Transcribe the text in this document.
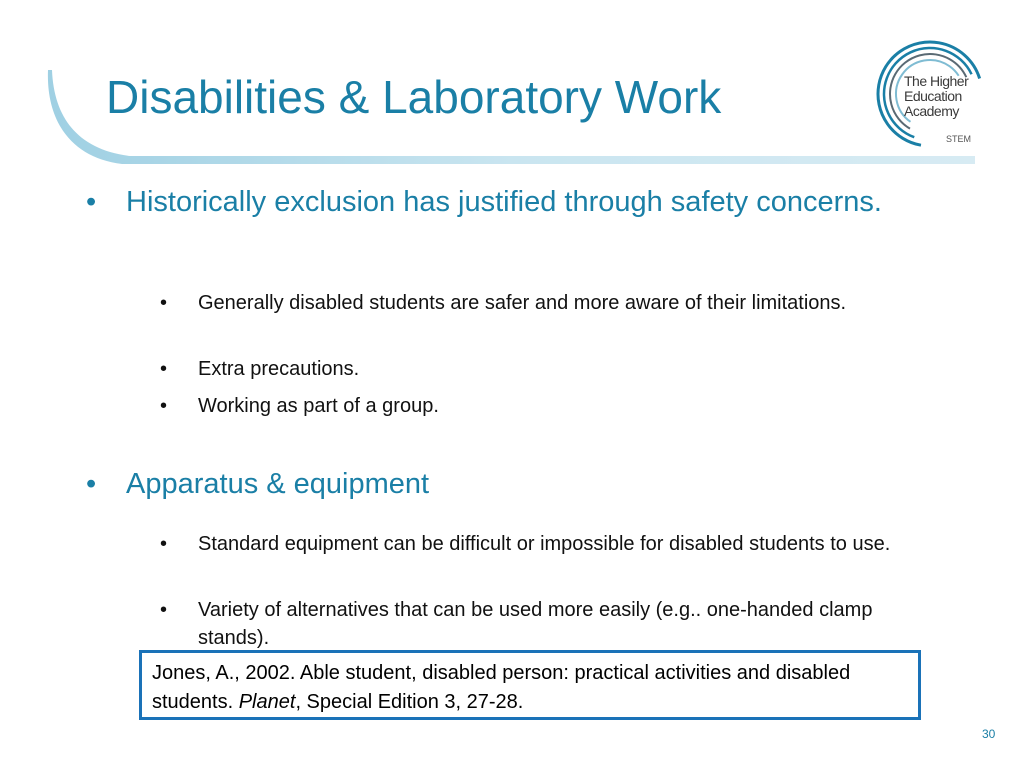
Disabilities & Laboratory Work	The Higher
Education
Academy
STEM
• Historically exclusion has justified through safety concerns.
• Generally disabled students are safer and more aware of their limitations.
• Extra precautions.
• Working as part of a group.
• Apparatus & equipment
• Standard equipment can be difficult or impossible for disabled students to use.
• Variety of alternatives that can be used more easily (e.g.. one-handed clamp stands).
Jones, A., 2002. Able student, disabled person: practical activities and disabled students. Planet, Special Edition 3, 27-28.
30
